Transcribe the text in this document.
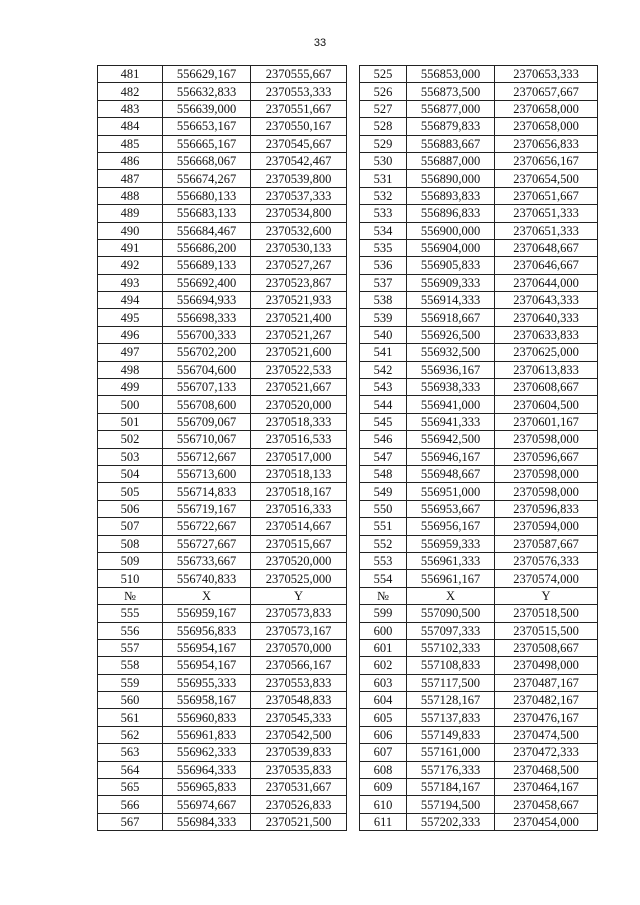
33
481	556629,167	2370555,667
482	556632,833	2370553,333
483	556639,000	2370551,667
484	556653,167	2370550,167
485	556665,167	2370545,667
486	556668,067	2370542,467
487	556674,267	2370539,800
488	556680,133	2370537,333
489	556683,133	2370534,800
490	556684,467	2370532,600
491	556686,200	2370530,133
492	556689,133	2370527,267
493	556692,400	2370523,867
494	556694,933	2370521,933
495	556698,333	2370521,400
496	556700,333	2370521,267
497	556702,200	2370521,600
498	556704,600	2370522,533
499	556707,133	2370521,667
500	556708,600	2370520,000
501	556709,067	2370518,333
502	556710,067	2370516,533
503	556712,667	2370517,000
504	556713,600	2370518,133
505	556714,833	2370518,167
506	556719,167	2370516,333
507	556722,667	2370514,667
508	556727,667	2370515,667
509	556733,667	2370520,000
510	556740,833	2370525,000
№	X	Y
555	556959,167	2370573,833
556	556956,833	2370573,167
557	556954,167	2370570,000
558	556954,167	2370566,167
559	556955,333	2370553,833
560	556958,167	2370548,833
561	556960,833	2370545,333
562	556961,833	2370542,500
563	556962,333	2370539,833
564	556964,333	2370535,833
565	556965,833	2370531,667
566	556974,667	2370526,833
567	556984,333	2370521,500
525	556853,000	2370653,333
526	556873,500	2370657,667
527	556877,000	2370658,000
528	556879,833	2370658,000
529	556883,667	2370656,833
530	556887,000	2370656,167
531	556890,000	2370654,500
532	556893,833	2370651,667
533	556896,833	2370651,333
534	556900,000	2370651,333
535	556904,000	2370648,667
536	556905,833	2370646,667
537	556909,333	2370644,000
538	556914,333	2370643,333
539	556918,667	2370640,333
540	556926,500	2370633,833
541	556932,500	2370625,000
542	556936,167	2370613,833
543	556938,333	2370608,667
544	556941,000	2370604,500
545	556941,333	2370601,167
546	556942,500	2370598,000
547	556946,167	2370596,667
548	556948,667	2370598,000
549	556951,000	2370598,000
550	556953,667	2370596,833
551	556956,167	2370594,000
552	556959,333	2370587,667
553	556961,333	2370576,333
554	556961,167	2370574,000
№	X	Y
599	557090,500	2370518,500
600	557097,333	2370515,500
601	557102,333	2370508,667
602	557108,833	2370498,000
603	557117,500	2370487,167
604	557128,167	2370482,167
605	557137,833	2370476,167
606	557149,833	2370474,500
607	557161,000	2370472,333
608	557176,333	2370468,500
609	557184,167	2370464,167
610	557194,500	2370458,667
611	557202,333	2370454,000
